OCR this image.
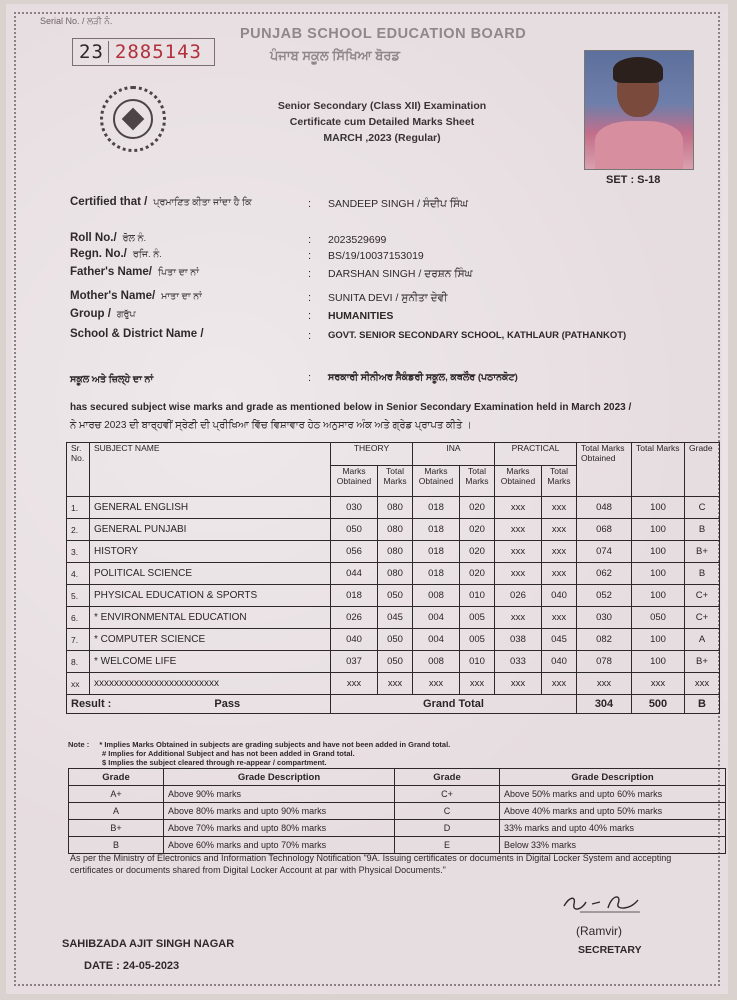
Serial No. / ਲੜੀ ਨੰ.
23 2885143
PUNJAB SCHOOL EDUCATION BOARD
ਪੰਜਾਬ ਸਕੂਲ ਸਿੱਖਿਆ ਬੋਰਡ
Senior Secondary (Class XII) Examination
Certificate cum Detailed Marks Sheet
MARCH ,2023 (Regular)
SET : S-18
Certified that / ਪ੍ਰਮਾਣਿਤ ਕੀਤਾ ਜਾਂਦਾ ਹੈ ਕਿ	: SANDEEP SINGH / ਸੰਦੀਪ ਸਿੰਘ
Roll No./ ਰੋਲ ਨੰ.	: 2023529699
Regn. No./ ਰਜਿ. ਨੰ.	: BS/19/10037153019
Father's Name/ ਪਿਤਾ ਦਾ ਨਾਂ	: DARSHAN SINGH / ਦਰਸ਼ਨ ਸਿੰਘ
Mother's Name/ ਮਾਤਾ ਦਾ ਨਾਂ	: SUNITA DEVI / ਸੁਨੀਤਾ ਦੇਵੀ
Group / ਗਰੁੱਪ	: HUMANITIES
School & District Name /	: GOVT. SENIOR SECONDARY SCHOOL, KATHLAUR (PATHANKOT)
ਸਕੂਲ ਅਤੇ ਜ਼ਿਲ੍ਹੇ ਦਾ ਨਾਂ	: ਸਰਕਾਰੀ ਸੀਨੀਅਰ ਸੈਕੰਡਰੀ ਸਕੂਲ, ਕਥਲੌਰ (ਪਠਾਨਕੋਟ)
has secured subject wise marks and grade as mentioned below in Senior Secondary Examination held in March 2023 /
ਨੇ ਮਾਰਚ 2023 ਦੀ ਬਾਰ੍ਹਵੀਂ ਸ੍ਰੇਣੀ ਦੀ ਪ੍ਰੀਖਿਆ ਵਿੱਚ ਵਿਸ਼ਾਵਾਰ ਹੇਠ ਅਨੁਸਾਰ ਅੰਕ ਅਤੇ ਗ੍ਰੇਡ ਪ੍ਰਾਪਤ ਕੀਤੇ ।
Sr. No.	SUBJECT NAME	THEORY		INA		PRACTICAL		Total Marks Obtained	Total Marks	Grade
		Marks Obtained	Total Marks	Marks Obtained	Total Marks	Marks Obtained	Total Marks			
1.	GENERAL ENGLISH	030	080	018	020	xxx	xxx	048	100	C
2.	GENERAL PUNJABI	050	080	018	020	xxx	xxx	068	100	B
3.	HISTORY	056	080	018	020	xxx	xxx	074	100	B+
4.	POLITICAL SCIENCE	044	080	018	020	xxx	xxx	062	100	B
5.	PHYSICAL EDUCATION & SPORTS	018	050	008	010	026	040	052	100	C+
6.	* ENVIRONMENTAL EDUCATION	026	045	004	005	xxx	xxx	030	050	C+
7.	* COMPUTER SCIENCE	040	050	004	005	038	045	082	100	A
8.	* WELCOME LIFE	037	050	008	010	033	040	078	100	B+
xx	xxxxxxxxxxxxxxxxxxxxxxxxx	xxx	xxx	xxx	xxx	xxx	xxx	xxx	xxx	xxx
Result : Pass		Grand Total						304	500	B
Note : * Implies Marks Obtained in subjects are grading subjects and have not been added in Grand total.
# Implies for Additional Subject and has not been added in Grand total.
$ Implies the subject cleared through re-appear / compartment.
Grade	Grade Description	Grade	Grade Description
A+	Above 90% marks	C+	Above 50% marks and upto 60% marks
A	Above 80% marks and upto 90% marks	C	Above 40% marks and upto 50% marks
B+	Above 70% marks and upto 80% marks	D	33% marks and upto 40% marks
B	Above 60% marks and upto 70% marks	E	Below 33% marks
As per the Ministry of Electronics and Information Technology Notification "9A. Issuing certificates or documents in Digital Locker System and accepting certificates or documents shared from Digital Locker Account at par with Physical Documents."
(Ramvir)
SECRETARY
SAHIBZADA AJIT SINGH NAGAR
DATE : 24-05-2023
